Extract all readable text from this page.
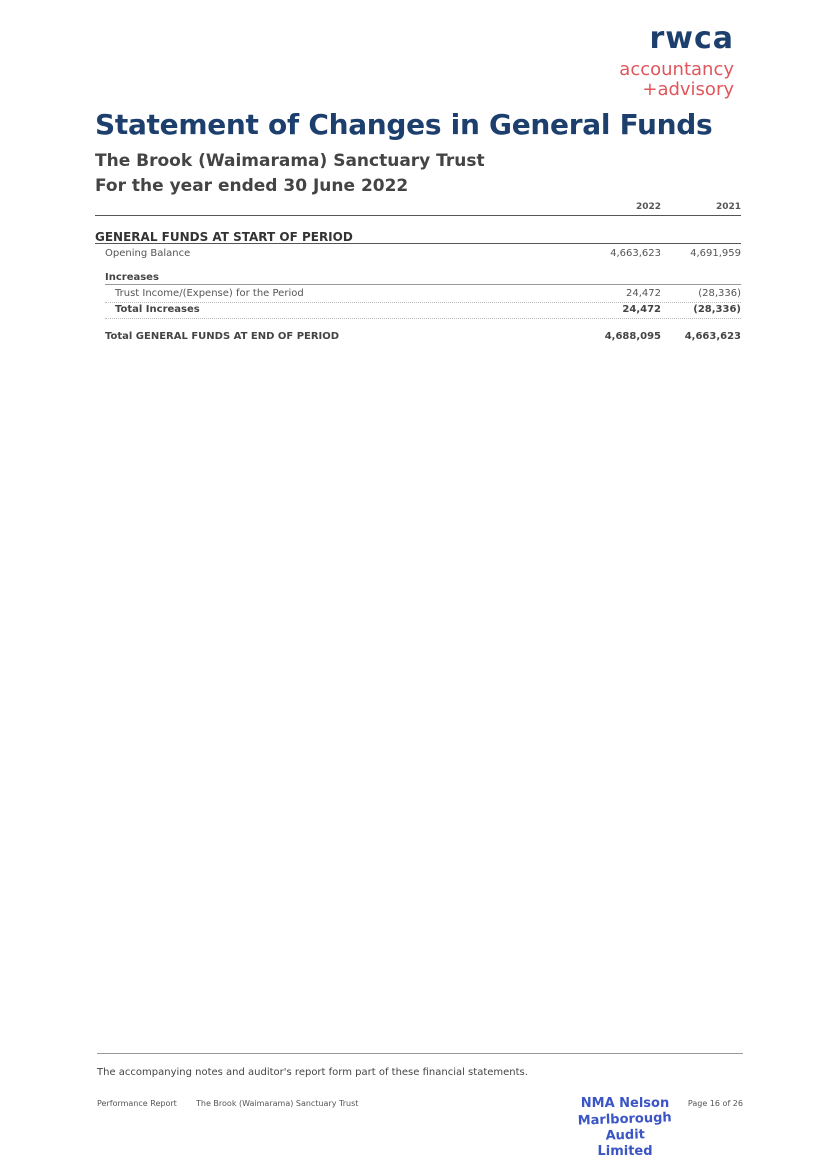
rwca
accountancy
+advisory
Statement of Changes in General Funds
The Brook (Waimarama) Sanctuary Trust
For the year ended 30 June 2022
2022	2021
GENERAL FUNDS AT START OF PERIOD
Opening Balance	4,663,623	4,691,959
Increases
Trust Income/(Expense) for the Period	24,472	(28,336)
Total Increases	24,472	(28,336)
Total GENERAL FUNDS AT END OF PERIOD	4,688,095	4,663,623
The accompanying notes and auditor's report form part of these financial statements.
Performance Report The Brook (Waimarama) Sanctuary Trust	NMA Nelson
Marlborough Audit
Limited
Page 16 of 26
